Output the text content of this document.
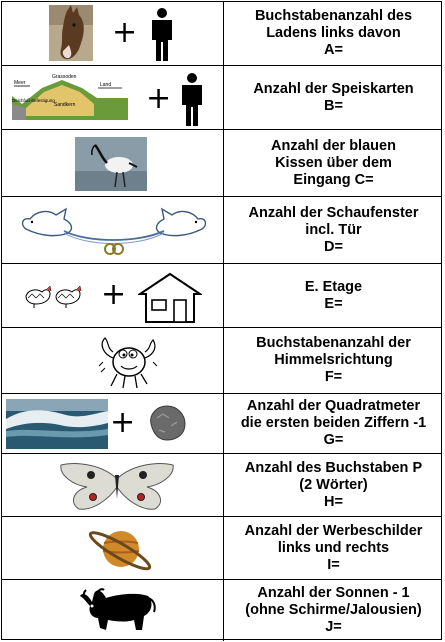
+	Buchstabenanzahl des
Ladens links davon
A=
Meer
Deichfuß-befestigung
Grassoden
Land
Sandkern +	Anzahl der Speiskarten
B=
Anzahl der blauen
Kissen über dem
Eingang C=
Anzahl der Schaufenster
incl. Tür
D=
+	E. Etage
E=
Buchstabenanzahl der
Himmelsrichtung
F=
+	Anzahl der Quadratmeter
die ersten beiden Ziffern -1
G=
Anzahl des Buchstaben P
(2 Wörter)
H=
Anzahl der Werbeschilder
links und rechts
I=
Anzahl der Sonnen - 1
(ohne Schirme/Jalousien)
J=
